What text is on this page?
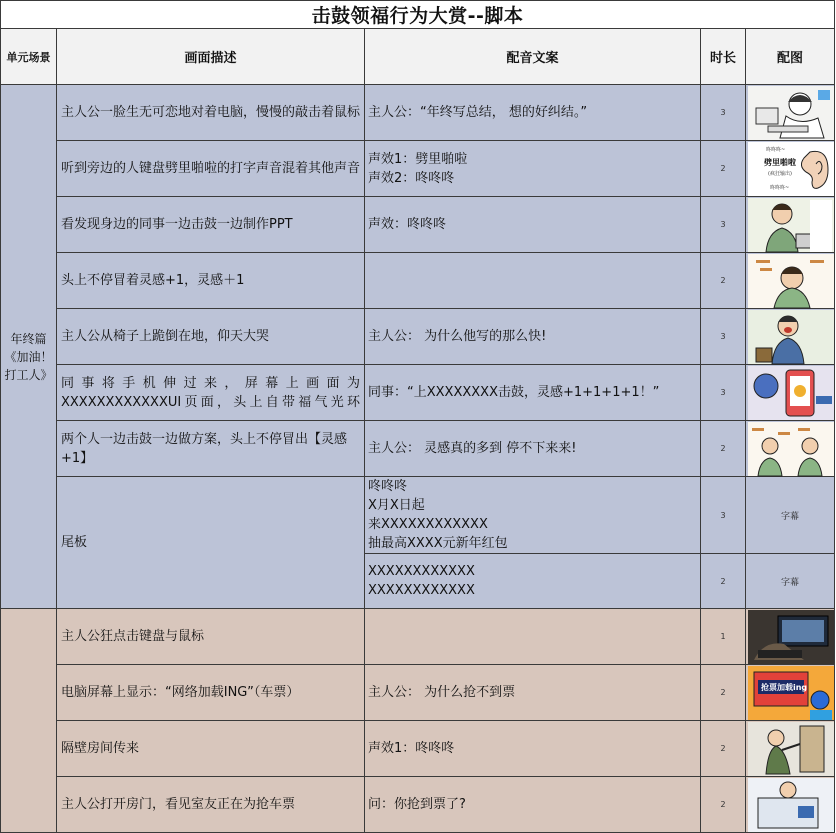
击鼓领福行为大赏--脚本				
单元场景	画面描述	配音文案	时长	配图

年终篇《加油！打工人》	主人公一脸生无可恋地对着电脑，慢慢的敲击着鼠标	主人公：“年终写总结， 想的好纠结。”	3	

	听到旁边的人键盘劈里啪啦的打字声音混着其他声音	声效1：劈里啪啦
声效2：咚咚咚	2	咚咚咚~
劈里啪啦
(疯狂输出)
咚咚咚~

	看发现身边的同事一边击鼓一边制作PPT	声效：咚咚咚	3	

	头上不停冒着灵感+1，灵感＋1		2	

	主人公从椅子上跪倒在地，仰天大哭	主人公： 为什么他写的那么快!	3	

	同事将手机伸过来，屏幕上画面为XXXXXXXXXXXXUI页面，头上自带福气光环	同事：“上XXXXXXXX击鼓，灵感+1+1+1+1！”	3	

	两个人一边击鼓一边做方案，头上不停冒出【灵感+1】	主人公： 灵感真的多到 停不下来来!	2	

	尾板	咚咚咚
X月X日起
来XXXXXXXXXXXX
抽最高XXXX元新年红包	3	字幕

		XXXXXXXXXXXX
XXXXXXXXXXXX	2	字幕
	主人公狂点击键盘与鼠标		1	

	电脑屏幕上显示：“网络加载ING”（车票）	主人公： 为什么抢不到票	2	抢票加载ing

	隔壁房间传来	声效1：咚咚咚	2	

	主人公打开房门，看见室友正在为抢车票	问：你抢到票了?	2	
